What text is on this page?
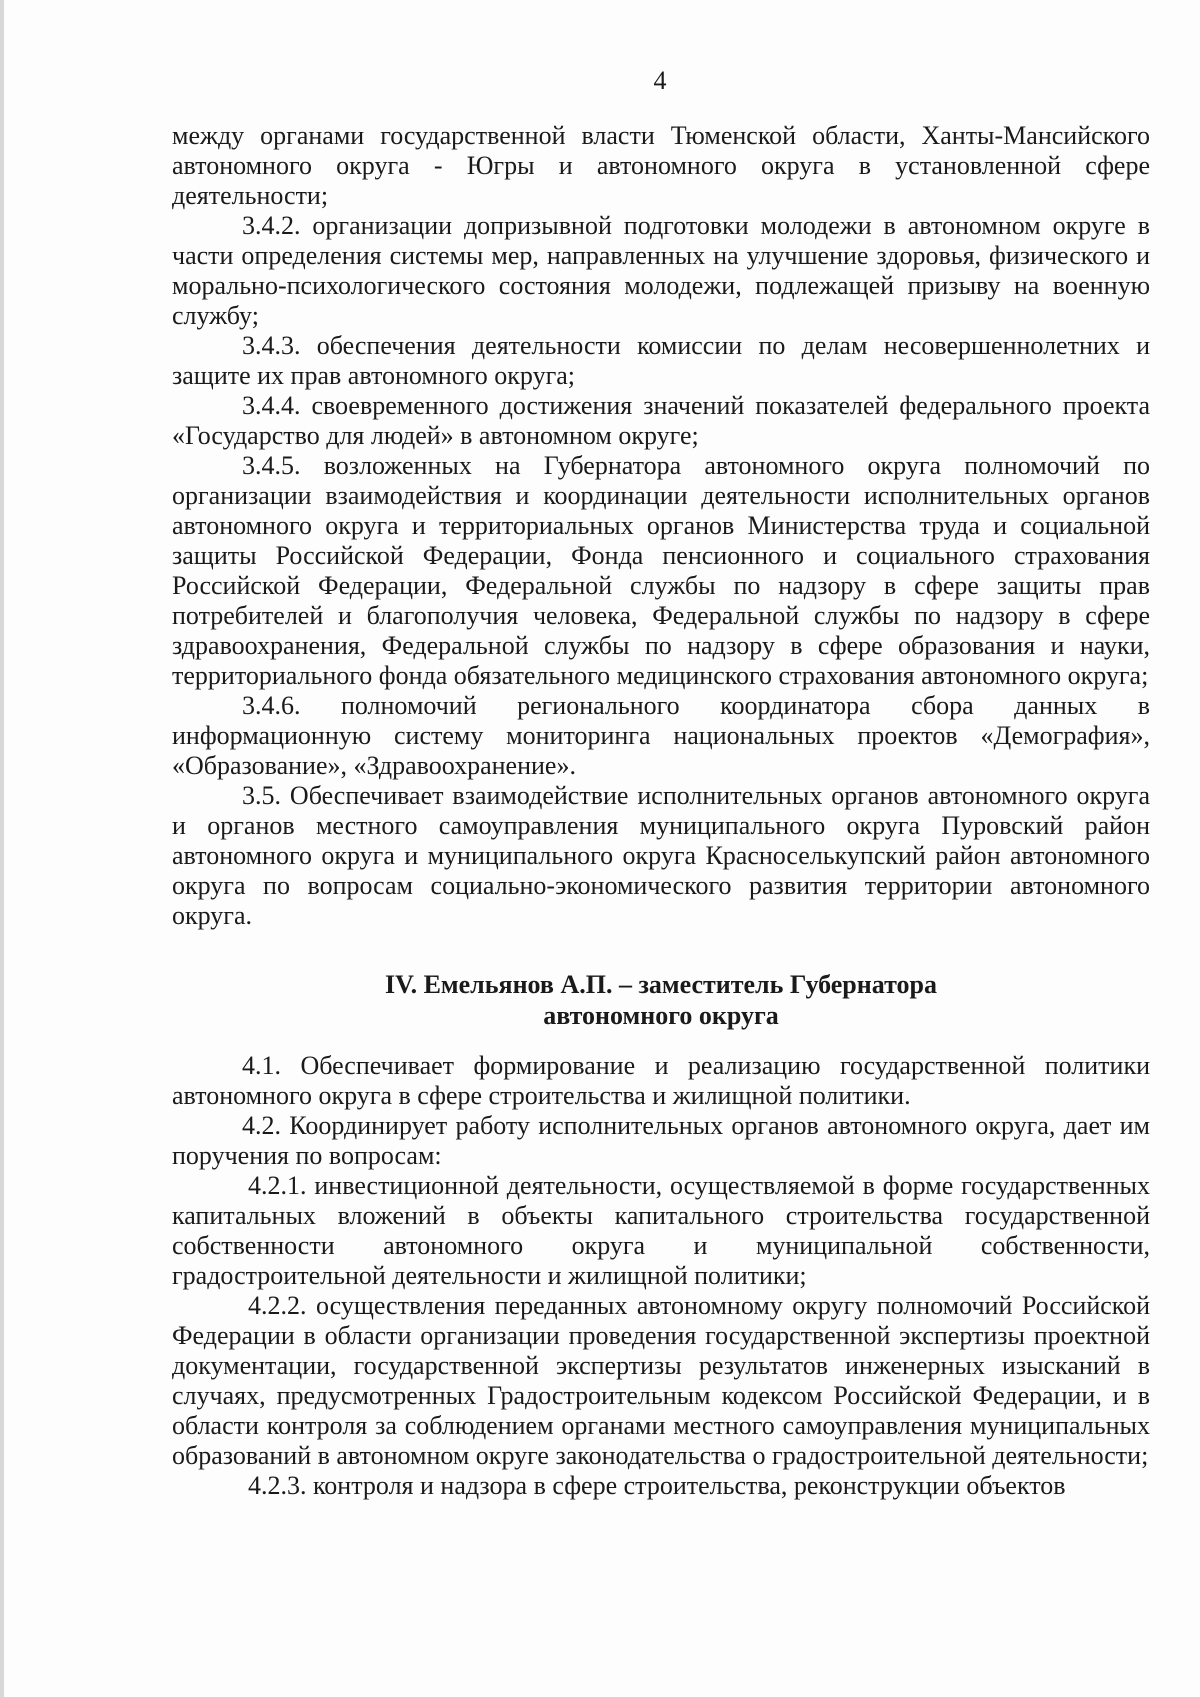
4

между органами государственной власти Тюменской области, Ханты-Мансийского автономного округа - Югры и автономного округа в установленной сфере деятельности;

3.4.2. организации допризывной подготовки молодежи в автономном округе в части определения системы мер, направленных на улучшение здоровья, физического и морально-психологического состояния молодежи, подлежащей призыву на военную службу;

3.4.3. обеспечения деятельности комиссии по делам несовершеннолетних и защите их прав автономного округа;

3.4.4. своевременного достижения значений показателей федерального проекта «Государство для людей» в автономном округе;

3.4.5. возложенных на Губернатора автономного округа полномочий по организации взаимодействия и координации деятельности исполнительных органов автономного округа и территориальных органов Министерства труда и социальной защиты Российской Федерации, Фонда пенсионного и социального страхования Российской Федерации, Федеральной службы по надзору в сфере защиты прав потребителей и благополучия человека, Федеральной службы по надзору в сфере здравоохранения, Федеральной службы по надзору в сфере образования и науки, территориального фонда обязательного медицинского страхования автономного округа;

3.4.6. полномочий регионального координатора сбора данных в информационную систему мониторинга национальных проектов «Демография», «Образование», «Здравоохранение».

3.5. Обеспечивает взаимодействие исполнительных органов автономного округа и органов местного самоуправления муниципального округа Пуровский район автономного округа и муниципального округа Красноселькупский район автономного округа по вопросам социально-экономического развития территории автономного округа.

IV. Емельянов А.П. – заместитель Губернатора
автономного округа

4.1. Обеспечивает формирование и реализацию государственной политики автономного округа в сфере строительства и жилищной политики.

4.2. Координирует работу исполнительных органов автономного округа, дает им поручения по вопросам:

4.2.1. инвестиционной деятельности, осуществляемой в форме государственных капитальных вложений в объекты капитального строительства государственной собственности автономного округа и муниципальной собственности, градостроительной деятельности и жилищной политики;

4.2.2. осуществления переданных автономному округу полномочий Российской Федерации в области организации проведения государственной экспертизы проектной документации, государственной экспертизы результатов инженерных изысканий в случаях, предусмотренных Градостроительным кодексом Российской Федерации, и в области контроля за соблюдением органами местного самоуправления муниципальных образований в автономном округе законодательства о градостроительной деятельности;

4.2.3. контроля и надзора в сфере строительства, реконструкции объектов
